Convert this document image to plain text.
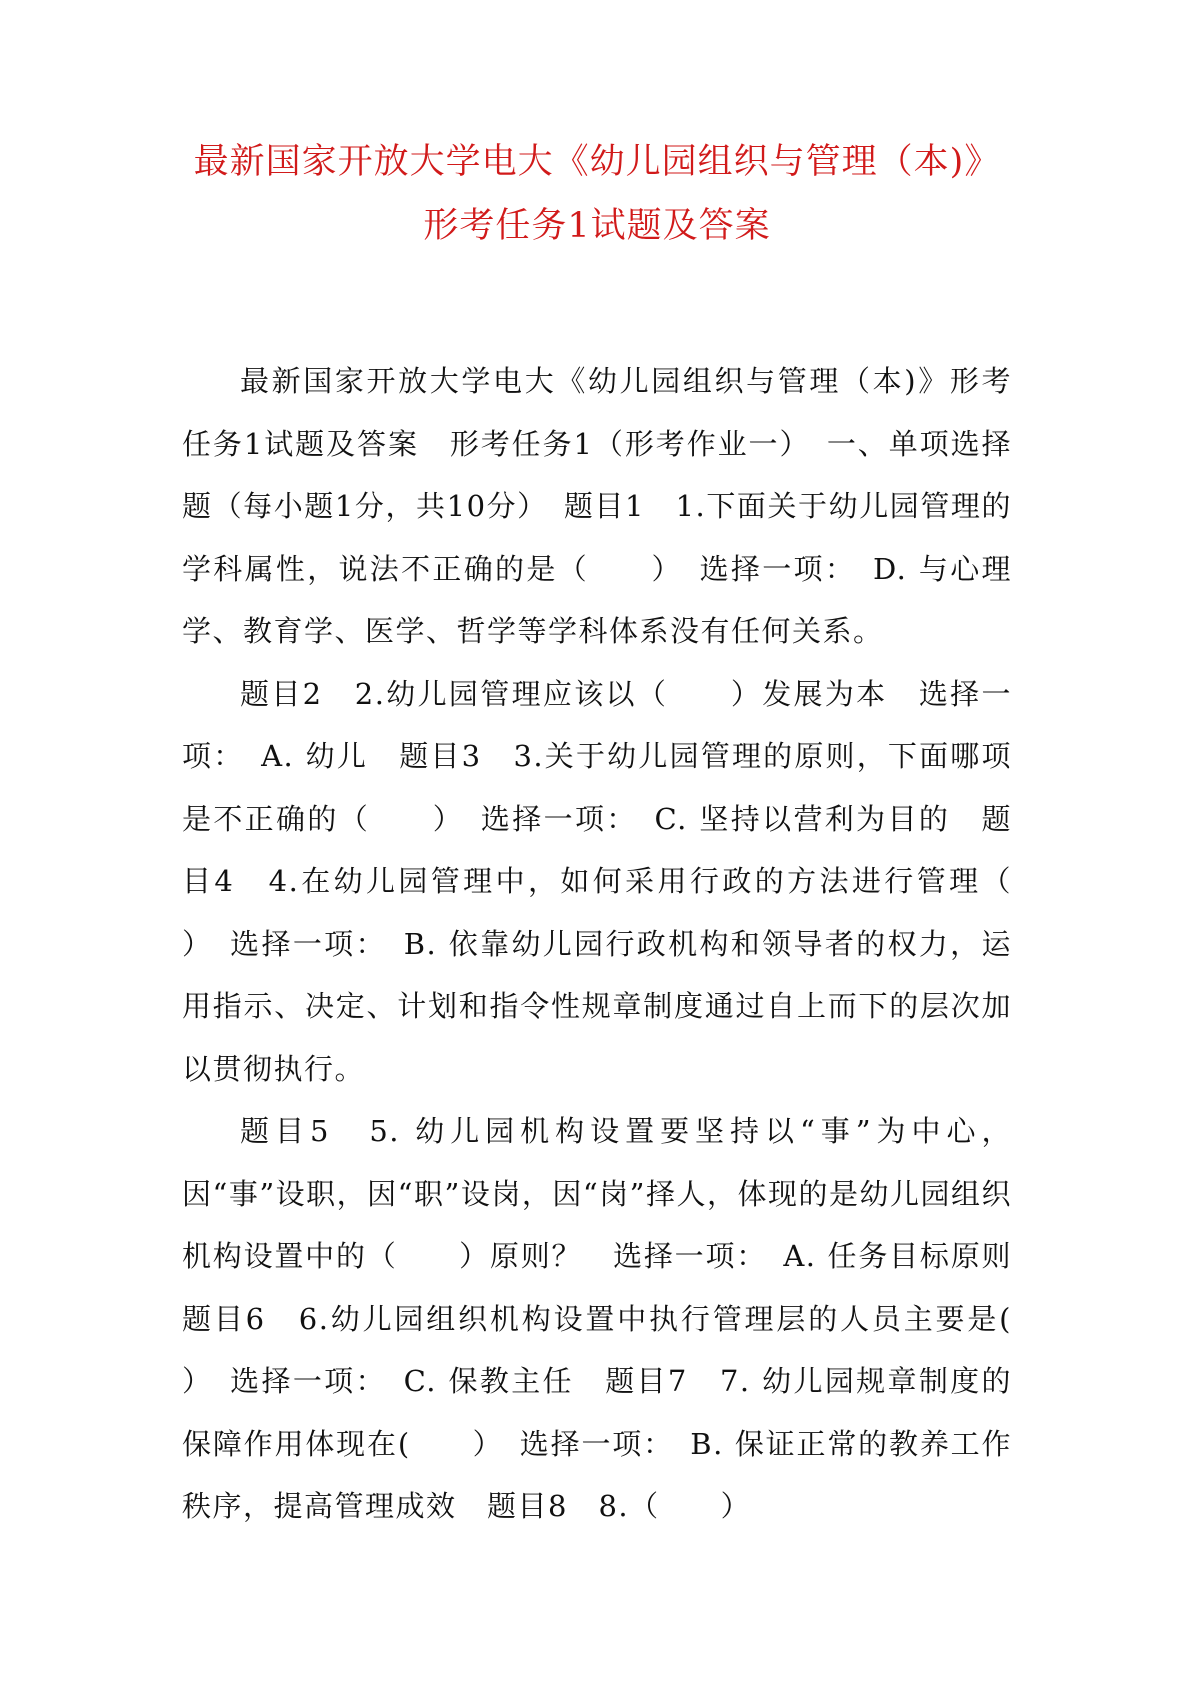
最新国家开放大学电大《幼儿园组织与管理（本)》形考任务1试题及答案

最新国家开放大学电大《幼儿园组织与管理（本)》形考任务1试题及答案　形考任务1（形考作业一）　一、单项选择题（每小题1分，共10分）　题目1　1.下面关于幼儿园管理的学科属性，说法不正确的是（　　）　选择一项：　D. 与心理学、教育学、医学、哲学等学科体系没有任何关系。

题目2　2.幼儿园管理应该以（　　）发展为本　选择一项：　A. 幼儿　题目3　3.关于幼儿园管理的原则，下面哪项是不正确的（　　）　选择一项：　C. 坚持以营利为目的　题目4　4.在幼儿园管理中，如何采用行政的方法进行管理（　　）　选择一项：　B. 依靠幼儿园行政机构和领导者的权力，运用指示、决定、计划和指令性规章制度通过自上而下的层次加以贯彻执行。

题目5　5. 幼儿园机构设置要坚持以“事”为中心，因“事”设职，因“职”设岗，因“岗”择人，体现的是幼儿园组织机构设置中的（　　）原则？　选择一项：　A. 任务目标原则　题目6　6.幼儿园组织机构设置中执行管理层的人员主要是(　　）　选择一项：　C. 保教主任　题目7　7. 幼儿园规章制度的保障作用体现在(　　）　选择一项：　B. 保证正常的教养工作秩序，提高管理成效　题目8　8.（　　）
